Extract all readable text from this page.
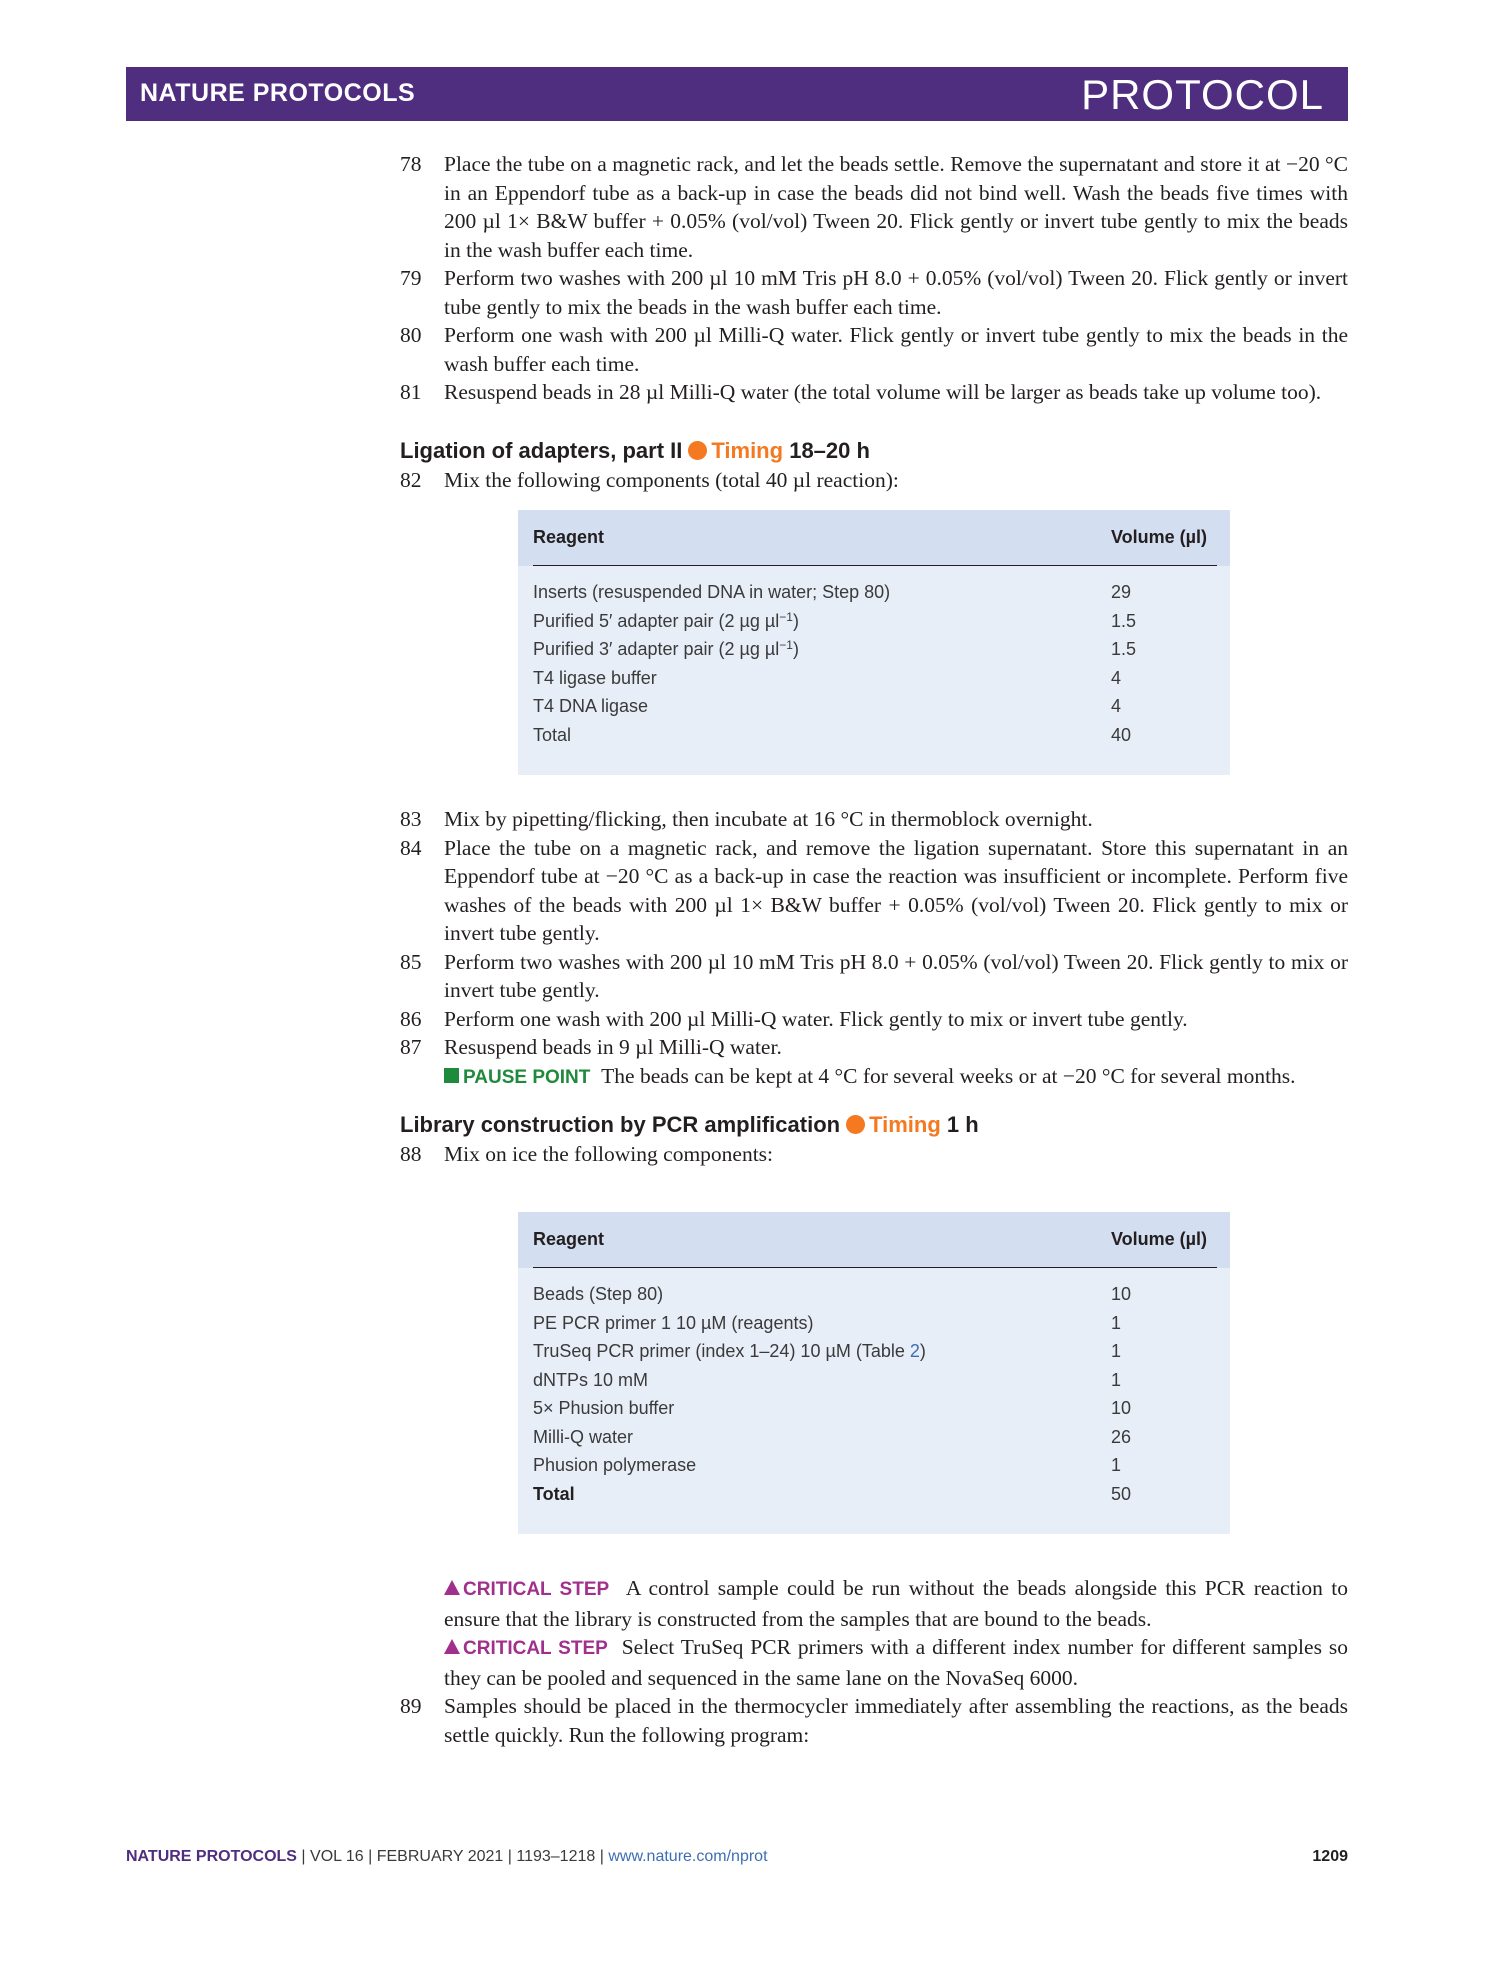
NATURE PROTOCOLS	PROTOCOL
78 Place the tube on a magnetic rack, and let the beads settle. Remove the supernatant and store it at −20 °C in an Eppendorf tube as a back-up in case the beads did not bind well. Wash the beads five times with 200 µl 1× B&W buffer + 0.05% (vol/vol) Tween 20. Flick gently or invert tube gently to mix the beads in the wash buffer each time.

79 Perform two washes with 200 µl 10 mM Tris pH 8.0 + 0.05% (vol/vol) Tween 20. Flick gently or invert tube gently to mix the beads in the wash buffer each time.

80 Perform one wash with 200 µl Milli-Q water. Flick gently or invert tube gently to mix the beads in the wash buffer each time.

81 Resuspend beads in 28 µl Milli-Q water (the total volume will be larger as beads take up volume too).

Ligation of adapters, part II Timing 18–20 h

82 Mix the following components (total 40 µl reaction):

Reagent	Volume (µl)
Inserts (resuspended DNA in water; Step 80)	29
Purified 5′ adapter pair (2 µg µl$^{-1}$)	1.5
Purified 3′ adapter pair (2 µg µl$^{-1}$)	1.5
T4 ligase buffer	4
T4 DNA ligase	4
Total	40
83 Mix by pipetting/flicking, then incubate at 16 °C in thermoblock overnight.

84 Place the tube on a magnetic rack, and remove the ligation supernatant. Store this supernatant in an Eppendorf tube at −20 °C as a back-up in case the reaction was insufficient or incomplete. Perform five washes of the beads with 200 µl 1× B&W buffer + 0.05% (vol/vol) Tween 20. Flick gently to mix or invert tube gently.

85 Perform two washes with 200 µl 10 mM Tris pH 8.0 + 0.05% (vol/vol) Tween 20. Flick gently to mix or invert tube gently.

86 Perform one wash with 200 µl Milli-Q water. Flick gently to mix or invert tube gently.

87 Resuspend beads in 9 µl Milli-Q water.

PAUSE POINT The beads can be kept at 4 °C for several weeks or at −20 °C for several months.

Library construction by PCR amplification Timing 1 h

88 Mix on ice the following components:

Reagent	Volume (µl)
Beads (Step 80)	10
PE PCR primer 1 10 µM (reagents)	1
TruSeq PCR primer (index 1–24) 10 µM (Table 2)	1
dNTPs 10 mM	1
5× Phusion buffer	10
Milli-Q water	26
Phusion polymerase	1
Total	50

CRITICAL STEP A control sample could be run without the beads alongside this PCR reaction to ensure that the library is constructed from the samples that are bound to the beads.

CRITICAL STEP Select TruSeq PCR primers with a different index number for different samples so they can be pooled and sequenced in the same lane on the NovaSeq 6000.

89 Samples should be placed in the thermocycler immediately after assembling the reactions, as the beads settle quickly. Run the following program:

NATURE PROTOCOLS | VOL 16 | FEBRUARY 2021 | 1193–1218 | www.nature.com/nprot	1209
